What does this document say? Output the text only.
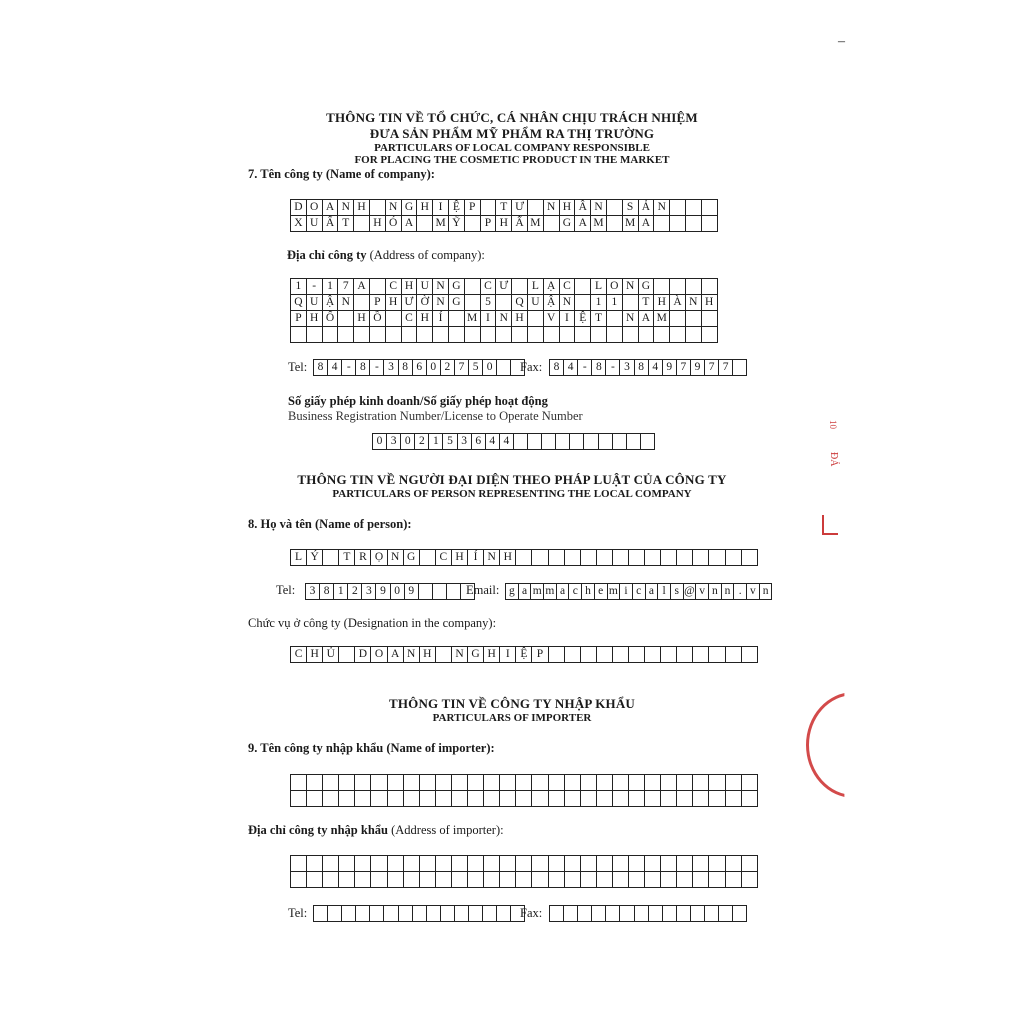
–
THÔNG TIN VỀ TỔ CHỨC, CÁ NHÂN CHỊU TRÁCH NHIỆM
ĐƯA SẢN PHẨM MỸ PHẨM RA THỊ TRƯỜNG
PARTICULARS OF LOCAL COMPANY RESPONSIBLE
FOR PLACING THE COSMETIC PRODUCT IN THE MARKET
7. Tên công ty (Name of company):
D O A N H	N G H I Ệ P	T Ư	N H Â N	S Ả N
X U Ấ T	H Ó A	M Ỹ	P H Ẩ M G A M M A
Địa chỉ công ty (Address of company):
1 - 1 7 A	C H U N G	C Ư	L Ạ C	L O N G
Q U Ậ N	P H Ư Ờ N G	5	Q U Ậ N	1 1	T H À N H
P H Ố	H Ồ	C H Í	M I N H	V I Ệ T	N A M
Tel: 8 4 - 8 - 3 8 6 0 2 7 5 0	Fax: 8 4 - 8 - 3 8 4 9 7 9 7 7
Số giấy phép kinh doanh/Số giấy phép hoạt động
Business Registration Number/License to Operate Number
0 3 0 2 1 5 3 6 4 4
THÔNG TIN VỀ NGƯỜI ĐẠI DIỆN THEO PHÁP LUẬT CỦA CÔNG TY
PARTICULARS OF PERSON REPRESENTING THE LOCAL COMPANY
8. Họ và tên (Name of person):
L Ý	T R Ọ N G	C H Í N H
Tel:	3 8 1 2 3 9 0 9	Email: g a m m a c h e m i c a l s @ v n n . v n
Chức vụ ở công ty (Designation in the company):
C H Ủ	D O A N H	N G H I Ệ P
THÔNG TIN VỀ CÔNG TY NHẬP KHẨU
PARTICULARS OF IMPORTER
9. Tên công ty nhập khẩu (Name of importer):
Địa chỉ công ty nhập khẩu (Address of importer):
Tel:	Fax:
10
ĐẢ
